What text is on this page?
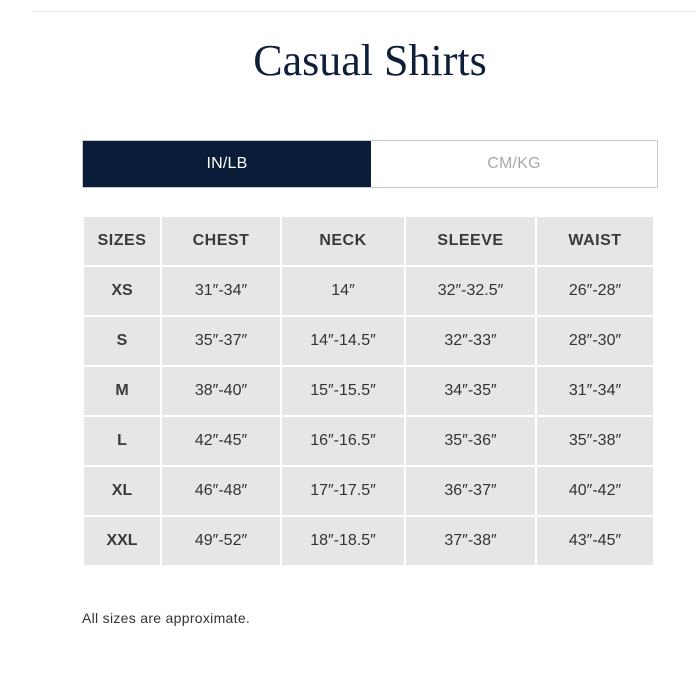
Casual Shirts
IN/LB	CM/KG
SIZES	CHEST	NECK	SLEEVE	WAIST
XS	31″-34″	14″	32″-32.5″	26″-28″
S	35″-37″	14″-14.5″	32″-33″	28″-30″
M	38″-40″	15″-15.5″	34″-35″	31″-34″
L	42″-45″	16″-16.5″	35″-36″	35″-38″
XL	46″-48″	17″-17.5″	36″-37″	40″-42″
XXL	49″-52″	18″-18.5″	37″-38″	43″-45″
All sizes are approximate.
